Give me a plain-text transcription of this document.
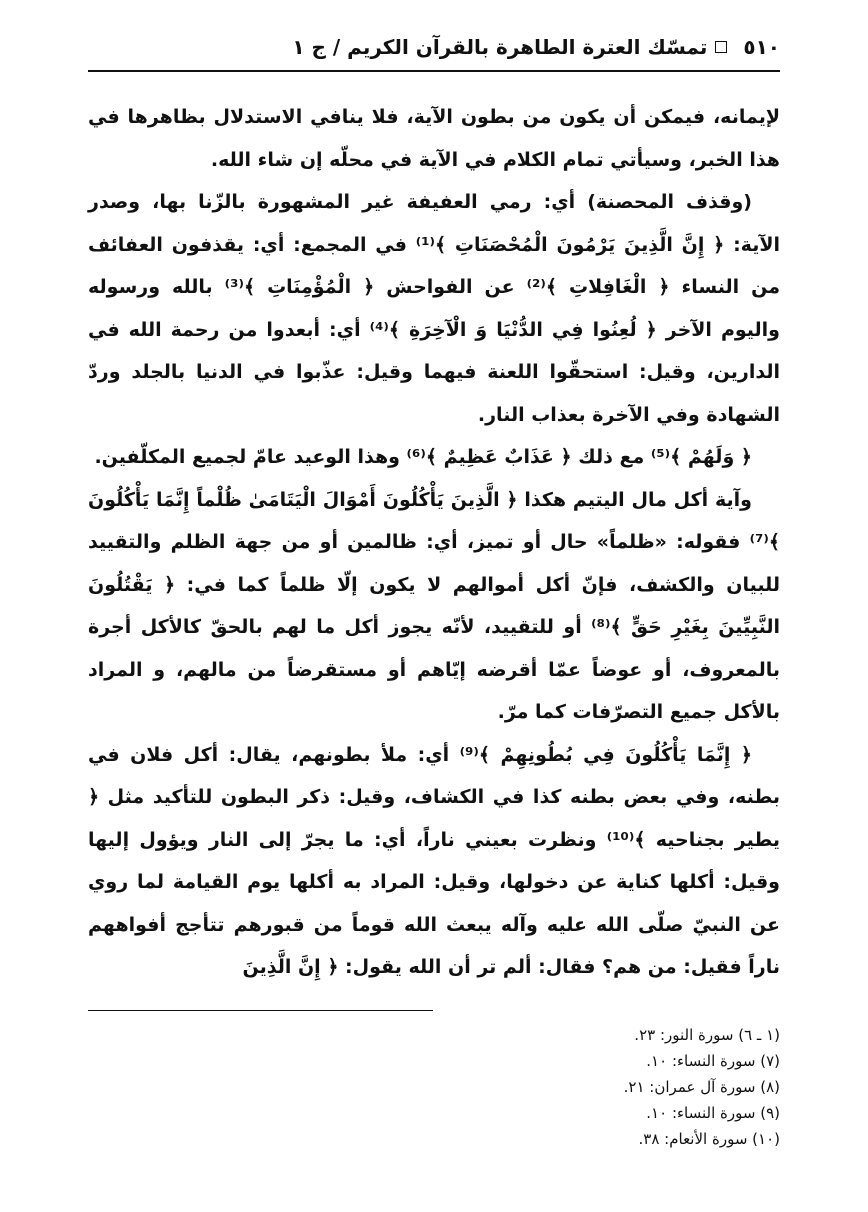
٥١٠
تمسّك العترة الطاهرة بالقرآن الكريم / ج ١

لإيمانه، فيمكن أن يكون من بطون الآية، فلا ينافي الاستدلال بظاهرها في هذا الخبر، وسيأتي تمام الكلام في الآية في محلّه إن شاء الله.

(وقذف المحصنة) أي: رمي العفيفة غير المشهورة بالزّنا بها، وصدر الآية: ﴿ إِنَّ الَّذِينَ يَرْمُونَ الْمُحْصَنَاتِ ﴾⁽¹⁾ في المجمع: أي: يقذفون العفائف من النساء ﴿ الْغَافِلاتِ ﴾⁽²⁾ عن الفواحش ﴿ الْمُؤْمِنَاتِ ﴾⁽³⁾ بالله ورسوله واليوم الآخر ﴿ لُعِنُوا فِي الدُّنْيَا وَ الْآخِرَةِ ﴾⁽⁴⁾ أي: أبعدوا من رحمة الله في الدارين، وقيل: استحقّوا اللعنة فيهما وقيل: عذّبوا في الدنيا بالجلد وردّ الشهادة وفي الآخرة بعذاب النار.

﴿ وَلَهُمْ ﴾⁽⁵⁾ مع ذلك ﴿ عَذَابٌ عَظِيمٌ ﴾⁽⁶⁾ وهذا الوعيد عامّ لجميع المكلّفين.

وآية أكل مال اليتيم هكذا ﴿ الَّذِينَ يَأْكُلُونَ أَمْوَالَ الْيَتَامَىٰ ظُلْماً إِنَّمَا يَأْكُلُونَ ﴾⁽⁷⁾ فقوله: «ظلماً» حال أو تميز، أي: ظالمين أو من جهة الظلم والتقييد للبيان والكشف، فإنّ أكل أموالهم لا يكون إلّا ظلماً كما في: ﴿ يَقْتُلُونَ النَّبِيِّينَ بِغَيْرِ حَقٍّ ﴾⁽⁸⁾ أو للتقييد، لأنّه يجوز أكل ما لهم بالحقّ كالأكل أجرة بالمعروف، أو عوضاً عمّا أقرضه إيّاهم أو مستقرضاً من مالهم، و المراد بالأكل جميع التصرّفات كما مرّ.

﴿ إِنَّمَا يَأْكُلُونَ فِي بُطُونِهِمْ ﴾⁽⁹⁾ أي: ملأ بطونهم، يقال: أكل فلان في بطنه، وفي بعض بطنه كذا في الكشاف، وقيل: ذكر البطون للتأكيد مثل ﴿ يطير بجناحيه ﴾⁽¹⁰⁾ ونظرت بعيني ناراً، أي: ما يجرّ إلى النار ويؤول إليها وقيل: أكلها كناية عن دخولها، وقيل: المراد به أكلها يوم القيامة لما روي عن النبيّ صلّى الله عليه وآله يبعث الله قوماً من قبورهم تتأجج أفواههم ناراً فقيل: من هم؟ فقال: ألم تر أن الله يقول: ﴿ إِنَّ الَّذِينَ

(١ ـ ٦) سورة النور: ٢٣.
(٧) سورة النساء: ١٠.
(٨) سورة آل عمران: ٢١.
(٩) سورة النساء: ١٠.
(١٠) سورة الأنعام: ٣٨.
